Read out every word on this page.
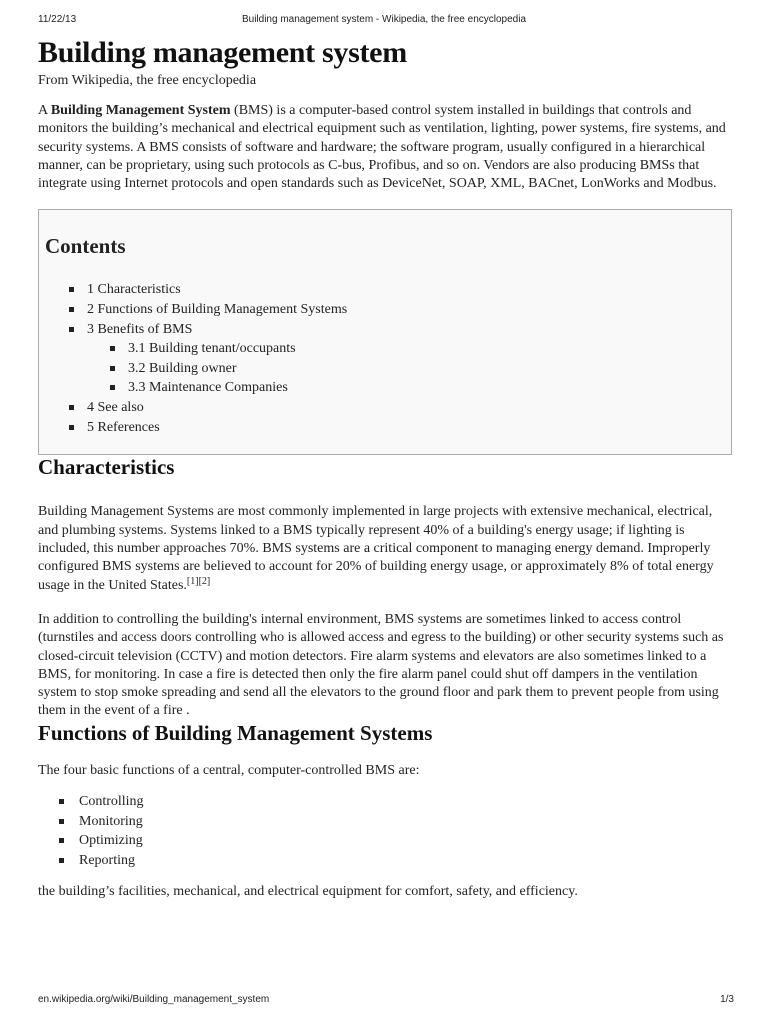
11/22/13	Building management system - Wikipedia, the free encyclopedia
Building management system
From Wikipedia, the free encyclopedia

A Building Management System (BMS) is a computer-based control system installed in buildings that controls and monitors the building’s mechanical and electrical equipment such as ventilation, lighting, power systems, fire systems, and security systems. A BMS consists of software and hardware; the software program, usually configured in a hierarchical manner, can be proprietary, using such protocols as C-bus, Profibus, and so on. Vendors are also producing BMSs that integrate using Internet protocols and open standards such as DeviceNet, SOAP, XML, BACnet, LonWorks and Modbus.

Contents
1 Characteristics
2 Functions of Building Management Systems
3 Benefits of BMS
3.1 Building tenant/occupants
3.2 Building owner
3.3 Maintenance Companies
4 See also
5 References
Characteristics

Building Management Systems are most commonly implemented in large projects with extensive mechanical, electrical, and plumbing systems. Systems linked to a BMS typically represent 40% of a building's energy usage; if lighting is included, this number approaches 70%. BMS systems are a critical component to managing energy demand. Improperly configured BMS systems are believed to account for 20% of building energy usage, or approximately 8% of total energy usage in the United States.[1][2]

In addition to controlling the building's internal environment, BMS systems are sometimes linked to access control (turnstiles and access doors controlling who is allowed access and egress to the building) or other security systems such as closed-circuit television (CCTV) and motion detectors. Fire alarm systems and elevators are also sometimes linked to a BMS, for monitoring. In case a fire is detected then only the fire alarm panel could shut off dampers in the ventilation system to stop smoke spreading and send all the elevators to the ground floor and park them to prevent people from using them in the event of a fire .

Functions of Building Management Systems

The four basic functions of a central, computer-controlled BMS are:

Controlling
Monitoring
Optimizing
Reporting

the building’s facilities, mechanical, and electrical equipment for comfort, safety, and efficiency.

en.wikipedia.org/wiki/Building_management_system	1/3
